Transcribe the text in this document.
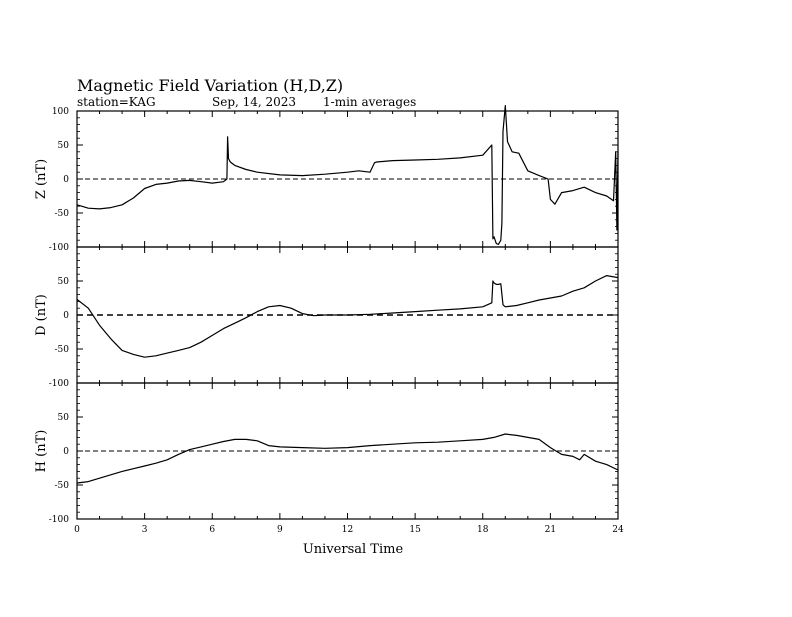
Magnetic Field Variation (H,D,Z)
station=KAG	Sep, 14, 2023 1-min averages
Universal Time
-100
-50
0
50
100
Z (nT)
-100
-50
0
50
D (nT)
-100
-50
0
50
H (nT)
0	3	6	9	12	15	18	21	24
